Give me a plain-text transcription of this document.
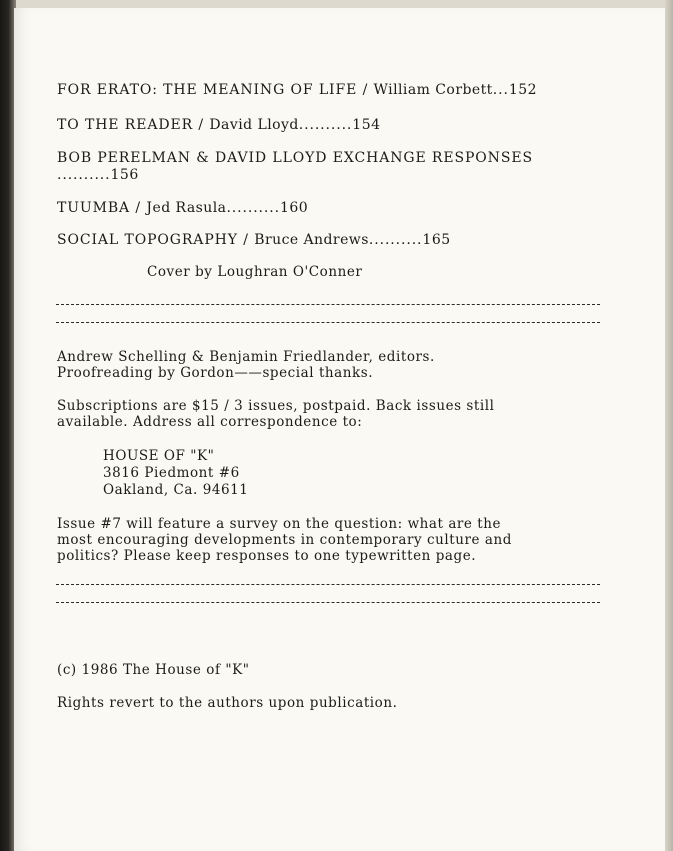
FOR ERATO: THE MEANING OF LIFE / William Corbett...152
TO THE READER / David Lloyd..........154
BOB PERELMAN & DAVID LLOYD EXCHANGE RESPONSES
..........156
TUUMBA / Jed Rasula..........160
SOCIAL TOPOGRAPHY / Bruce Andrews..........165
Cover by Loughran O'Conner
Andrew Schelling & Benjamin Friedlander, editors.
Proofreading by Gordon——special thanks.
Subscriptions are $15 / 3 issues, postpaid. Back issues still
available. Address all correspondence to:
HOUSE OF "K"
3816 Piedmont #6
Oakland, Ca. 94611
Issue #7 will feature a survey on the question: what are the
most encouraging developments in contemporary culture and
politics? Please keep responses to one typewritten page.
(c) 1986 The House of "K"
Rights revert to the authors upon publication.
